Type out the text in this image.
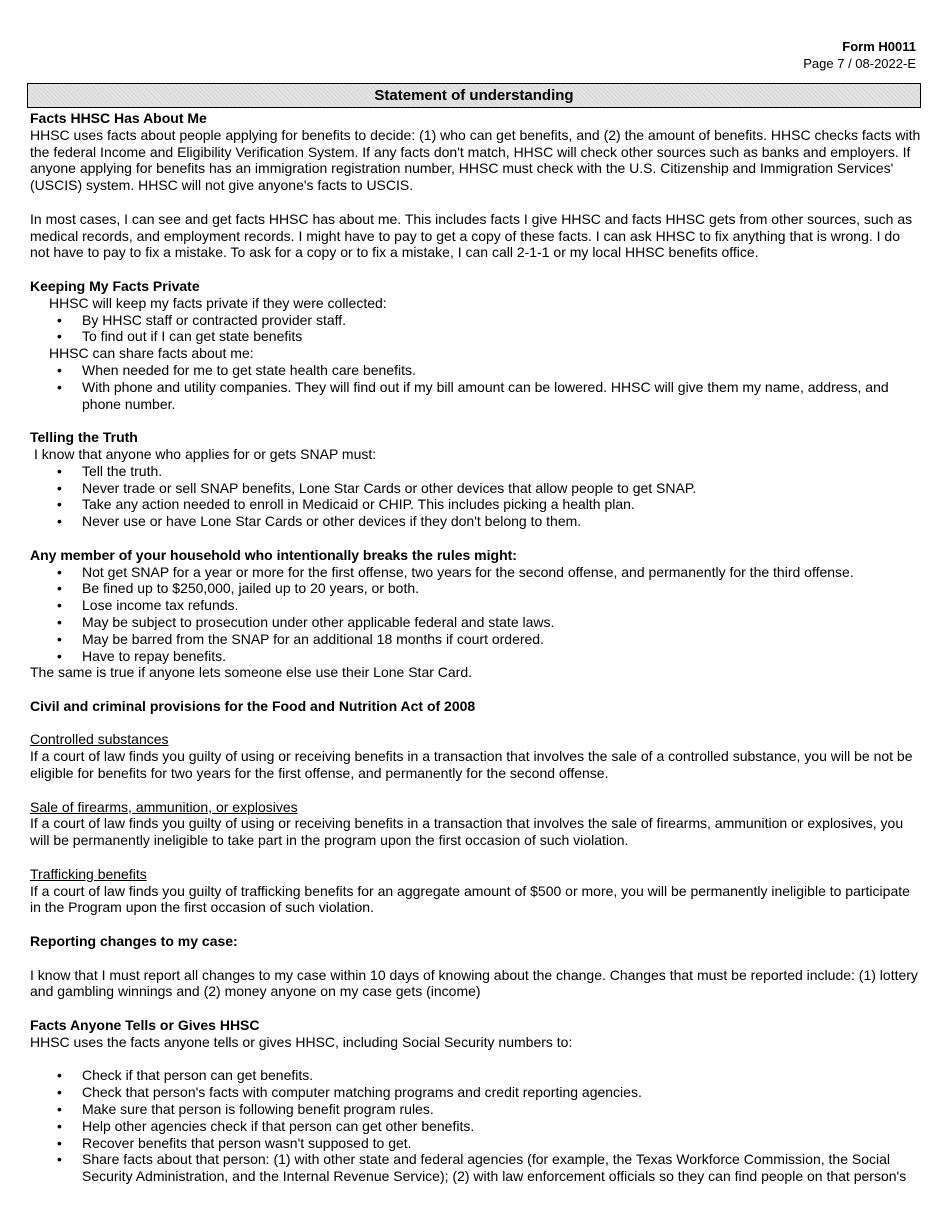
Form H0011
Page 7 / 08-2022-E
Statement of understanding

Facts HHSC Has About Me

HHSC uses facts about people applying for benefits to decide: (1) who can get benefits, and (2) the amount of benefits. HHSC checks facts with the federal Income and Eligibility Verification System. If any facts don't match, HHSC will check other sources such as banks and employers. If anyone applying for benefits has an immigration registration number, HHSC must check with the U.S. Citizenship and Immigration Services' (USCIS) system. HHSC will not give anyone's facts to USCIS.

In most cases, I can see and get facts HHSC has about me. This includes facts I give HHSC and facts HHSC gets from other sources, such as medical records, and employment records. I might have to pay to get a copy of these facts. I can ask HHSC to fix anything that is wrong. I do not have to pay to fix a mistake. To ask for a copy or to fix a mistake, I can call 2-1-1 or my local HHSC benefits office.

Keeping My Facts Private

HHSC will keep my facts private if they were collected:

• By HHSC staff or contracted provider staff.
• To find out if I can get state benefits

HHSC can share facts about me:

• When needed for me to get state health care benefits.
• With phone and utility companies. They will find out if my bill amount can be lowered. HHSC will give them my name, address, and phone number.

Telling the Truth

I know that anyone who applies for or gets SNAP must:

• Tell the truth.
• Never trade or sell SNAP benefits, Lone Star Cards or other devices that allow people to get SNAP.
• Take any action needed to enroll in Medicaid or CHIP. This includes picking a health plan.
• Never use or have Lone Star Cards or other devices if they don't belong to them.

Any member of your household who intentionally breaks the rules might:

• Not get SNAP for a year or more for the first offense, two years for the second offense, and permanently for the third offense.
• Be fined up to $250,000, jailed up to 20 years, or both.
• Lose income tax refunds.
• May be subject to prosecution under other applicable federal and state laws.
• May be barred from the SNAP for an additional 18 months if court ordered.
• Have to repay benefits.

The same is true if anyone lets someone else use their Lone Star Card.

Civil and criminal provisions for the Food and Nutrition Act of 2008

Controlled substances

If a court of law finds you guilty of using or receiving benefits in a transaction that involves the sale of a controlled substance, you will be not be eligible for benefits for two years for the first offense, and permanently for the second offense.

Sale of firearms, ammunition, or explosives

If a court of law finds you guilty of using or receiving benefits in a transaction that involves the sale of firearms, ammunition or explosives, you will be permanently ineligible to take part in the program upon the first occasion of such violation.

Trafficking benefits

If a court of law finds you guilty of trafficking benefits for an aggregate amount of $500 or more, you will be permanently ineligible to participate in the Program upon the first occasion of such violation.

Reporting changes to my case:

I know that I must report all changes to my case within 10 days of knowing about the change. Changes that must be reported include: (1) lottery and gambling winnings and (2) money anyone on my case gets (income)

Facts Anyone Tells or Gives HHSC

HHSC uses the facts anyone tells or gives HHSC, including Social Security numbers to:

• Check if that person can get benefits.
• Check that person's facts with computer matching programs and credit reporting agencies.
• Make sure that person is following benefit program rules.
• Help other agencies check if that person can get other benefits.
• Recover benefits that person wasn't supposed to get.
• Share facts about that person: (1) with other state and federal agencies (for example, the Texas Workforce Commission, the Social Security Administration, and the Internal Revenue Service); (2) with law enforcement officials so they can find people on that person's
